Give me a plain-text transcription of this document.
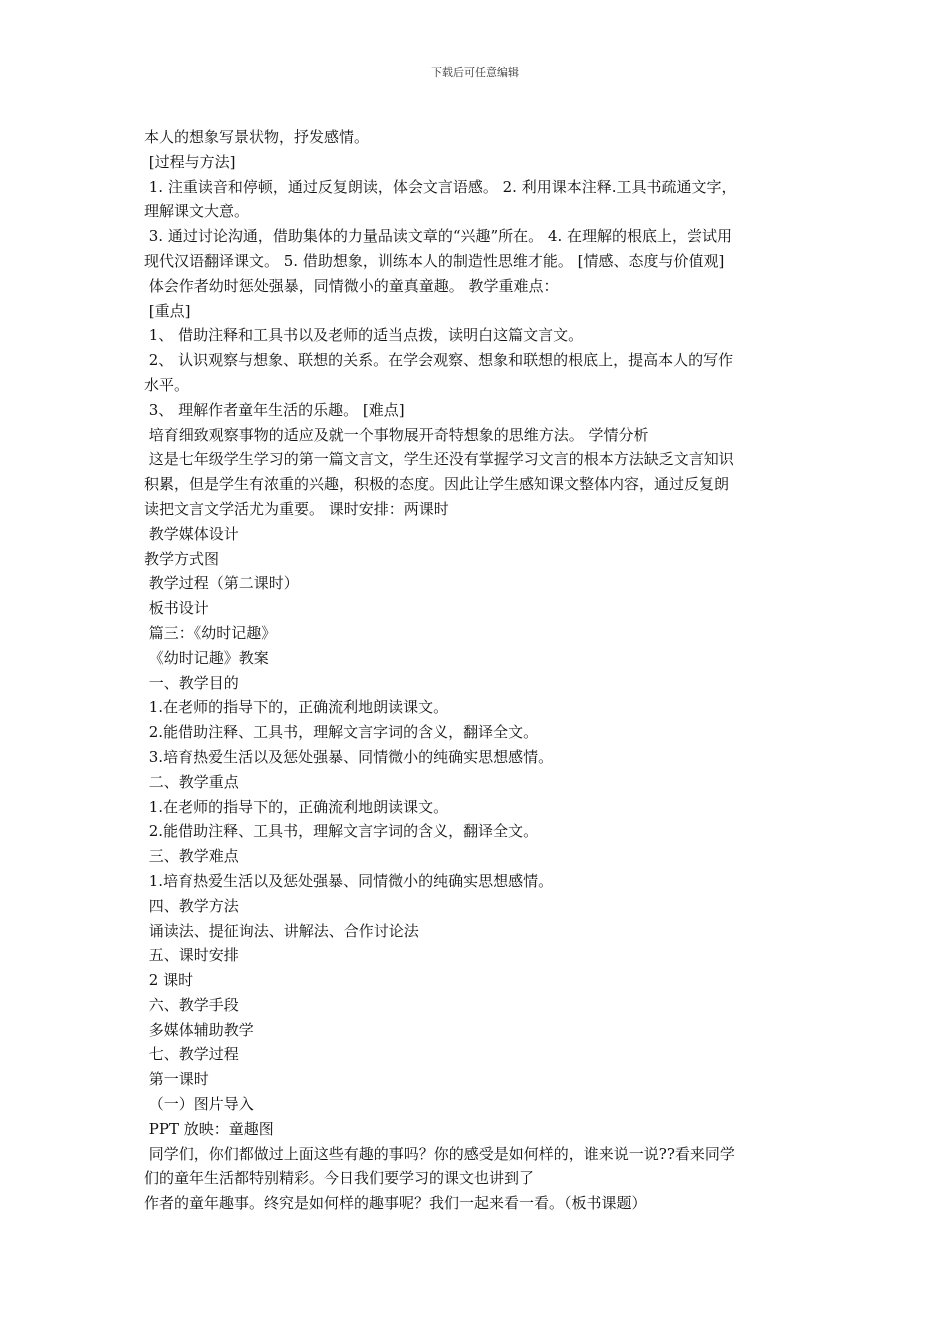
下载后可任意编辑
本人的想象写景状物，抒发感情。
[过程与方法]
1. 注重读音和停顿，通过反复朗读，体会文言语感。 2. 利用课本注释.工具书疏通文字，
理解课文大意。
3. 通过讨论沟通，借助集体的力量品读文章的“兴趣”所在。 4. 在理解的根底上，尝试用
现代汉语翻译课文。 5. 借助想象，训练本人的制造性思维才能。 [情感、态度与价值观]
体会作者幼时惩处强暴，同情微小的童真童趣。 教学重难点：
[重点]
1、 借助注释和工具书以及老师的适当点拨，读明白这篇文言文。
2、 认识观察与想象、联想的关系。在学会观察、想象和联想的根底上，提高本人的写作
水平。
3、 理解作者童年生活的乐趣。 [难点]
培育细致观察事物的适应及就一个事物展开奇特想象的思维方法。 学情分析
这是七年级学生学习的第一篇文言文，学生还没有掌握学习文言的根本方法缺乏文言知识
积累，但是学生有浓重的兴趣，积极的态度。因此让学生感知课文整体内容，通过反复朗
读把文言文学活尤为重要。 课时安排：两课时
教学媒体设计
教学方式图
教学过程（第二课时）
板书设计
篇三：《幼时记趣》
《幼时记趣》教案
一、教学目的
1.在老师的指导下的，正确流利地朗读课文。
2.能借助注释、工具书，理解文言字词的含义，翻译全文。
3.培育热爱生活以及惩处强暴、同情微小的纯确实思想感情。
二、教学重点
1.在老师的指导下的，正确流利地朗读课文。
2.能借助注释、工具书，理解文言字词的含义，翻译全文。
三、教学难点
1.培育热爱生活以及惩处强暴、同情微小的纯确实思想感情。
四、教学方法
诵读法、提征询法、讲解法、合作讨论法
五、课时安排
2 课时
六、教学手段
多媒体辅助教学
七、教学过程
第一课时
（一）图片导入
PPT 放映：童趣图
同学们，你们都做过上面这些有趣的事吗？你的感受是如何样的，谁来说一说??看来同学
们的童年生活都特别精彩。今日我们要学习的课文也讲到了
作者的童年趣事。终究是如何样的趣事呢？我们一起来看一看。（板书课题）
